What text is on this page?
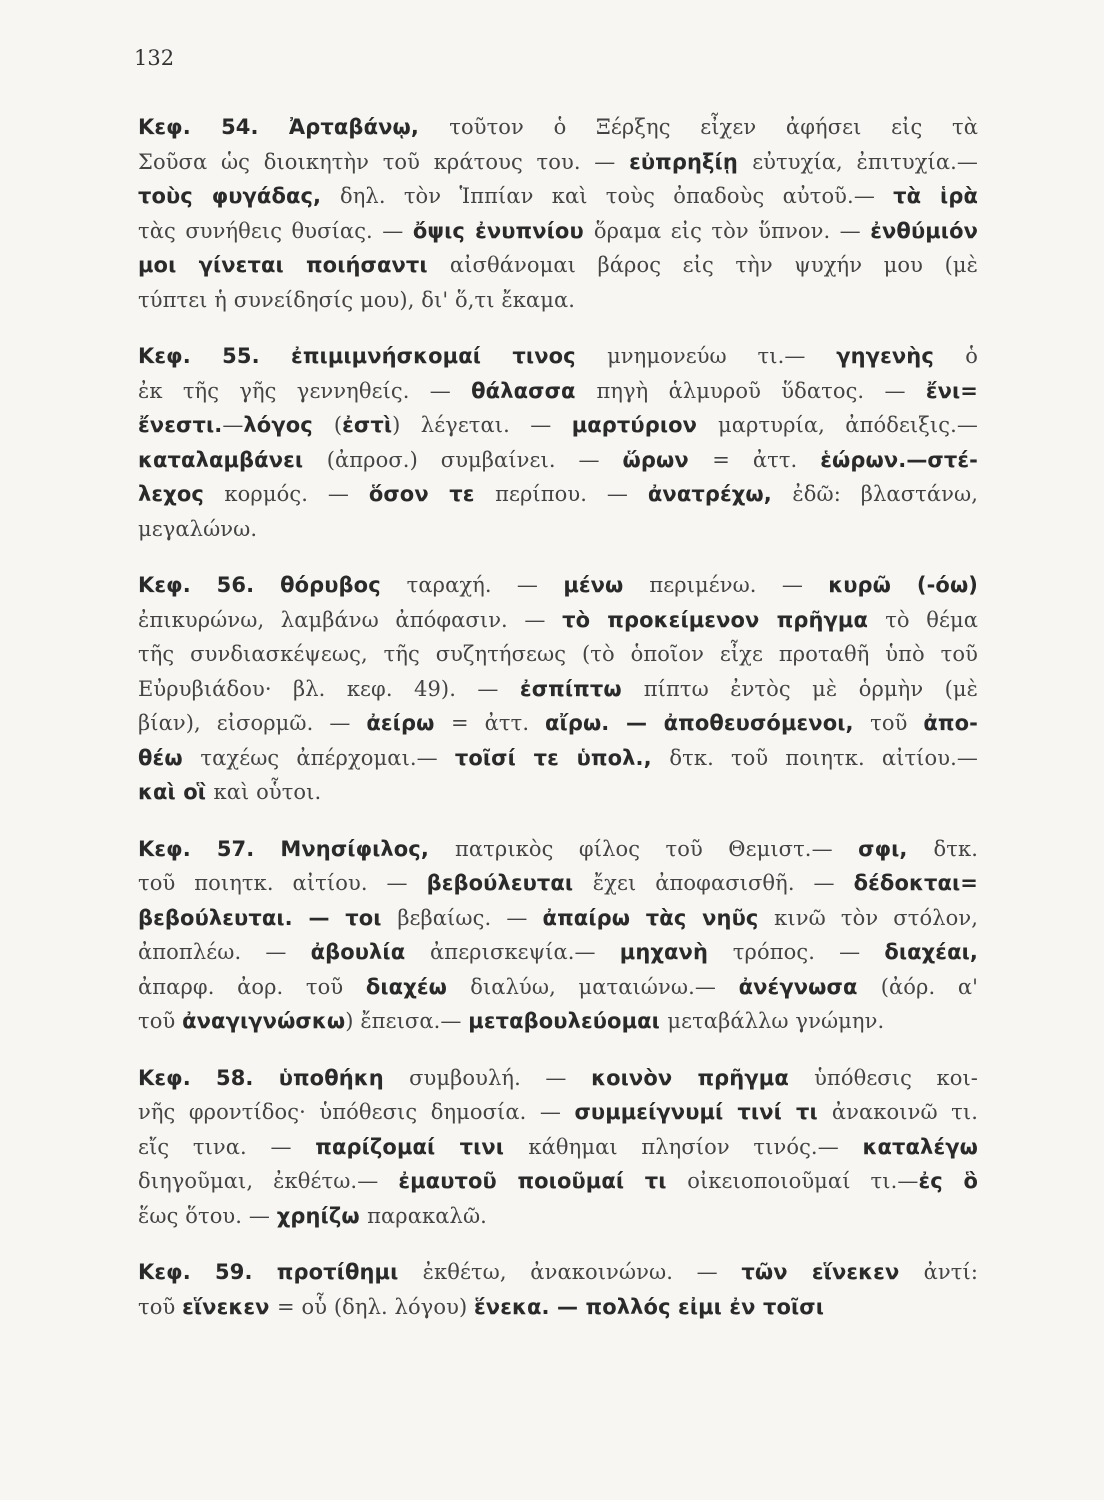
132
Κεφ. 54. Ἀρταβάνῳ, τοῦτον ὁ Ξέρξης εἶχεν ἀφήσει εἰς τὰ
Σοῦσα ὡς διοικητὴν τοῦ κράτους του. — εὐπρηξίῃ εὐτυχία, ἐπιτυχία.—
τοὺς φυγάδας, δηλ. τὸν Ἱππίαν καὶ τοὺς ὀπαδοὺς αὐτοῦ.— τὰ ἱρὰ
τὰς συνήθεις θυσίας. — ὄψις ἐνυπνίου ὅραμα εἰς τὸν ὕπνον. — ἐνθύμιόν
μοι γίνεται ποιήσαντι αἰσθάνομαι βάρος εἰς τὴν ψυχήν μου (μὲ
τύπτει ἡ συνείδησίς μου), δι' ὅ,τι ἔκαμα.
Κεφ. 55. ἐπιμιμνήσκομαί τινος μνημονεύω τι.— γηγενὴς ὁ
ἐκ τῆς γῆς γεννηθείς. — θάλασσα πηγὴ ἁλμυροῦ ὕδατος. — ἔνι=
ἔνεστι.—λόγος (ἐστὶ) λέγεται. — μαρτύριον μαρτυρία, ἀπόδειξις.—
καταλαμβάνει (ἀπροσ.) συμβαίνει. — ὥρων = ἀττ. ἑώρων.—στέ-
λεχος κορμός. — ὅσον τε περίπου. — ἀνατρέχω, ἐδῶ: βλαστάνω,
μεγαλώνω.
Κεφ. 56. θόρυβος ταραχή. — μένω περιμένω. — κυρῶ (-όω)
ἐπικυρώνω, λαμβάνω ἀπόφασιν. — τὸ προκείμενον πρῆγμα τὸ θέμα
τῆς συνδιασκέψεως, τῆς συζητήσεως (τὸ ὁποῖον εἶχε προταθῆ ὑπὸ τοῦ
Εὐρυβιάδου· βλ. κεφ. 49). — ἐσπίπτω πίπτω ἐντὸς μὲ ὁρμὴν (μὲ
βίαν), εἰσορμῶ. — ἀείρω = ἀττ. αἴρω. — ἀποθευσόμενοι, τοῦ ἀπο-
θέω ταχέως ἀπέρχομαι.— τοῖσί τε ὑπολ., δτκ. τοῦ ποιητκ. αἰτίου.—
καὶ οἳ καὶ οὗτοι.
Κεφ. 57. Μνησίφιλος, πατρικὸς φίλος τοῦ Θεμιστ.— σφι, δτκ.
τοῦ ποιητκ. αἰτίου. — βεβούλευται ἔχει ἀποφασισθῆ. — δέδοκται=
βεβούλευται. — τοι βεβαίως. — ἀπαίρω τὰς νηῦς κινῶ τὸν στόλον,
ἀποπλέω. — ἀβουλία ἀπερισκεψία.— μηχανὴ τρόπος. — διαχέαι,
ἀπαρφ. ἀορ. τοῦ διαχέω διαλύω, ματαιώνω.— ἀνέγνωσα (ἀόρ. α'
τοῦ ἀναγιγνώσκω) ἔπεισα.— μεταβουλεύομαι μεταβάλλω γνώμην.
Κεφ. 58. ὑποθήκη συμβουλή. — κοινὸν πρῆγμα ὑπόθεσις κοι-
νῆς φροντίδος· ὑπόθεσις δημοσία. — συμμείγνυμί τινί τι ἀνακοινῶ τι.
εἴς τινα. — παρίζομαί τινι κάθημαι πλησίον τινός.— καταλέγω
διηγοῦμαι, ἐκθέτω.— ἐμαυτοῦ ποιοῦμαί τι οἰκειοποιοῦμαί τι.—ἐς ὃ
ἕως ὅτου. — χρηίζω παρακαλῶ.
Κεφ. 59. προτίθημι ἐκθέτω, ἀνακοινώνω. — τῶν εἵνεκεν ἀντί:
τοῦ εἵνεκεν = οὗ (δηλ. λόγου) ἕνεκα. — πολλός εἰμι ἐν τοῖσι
